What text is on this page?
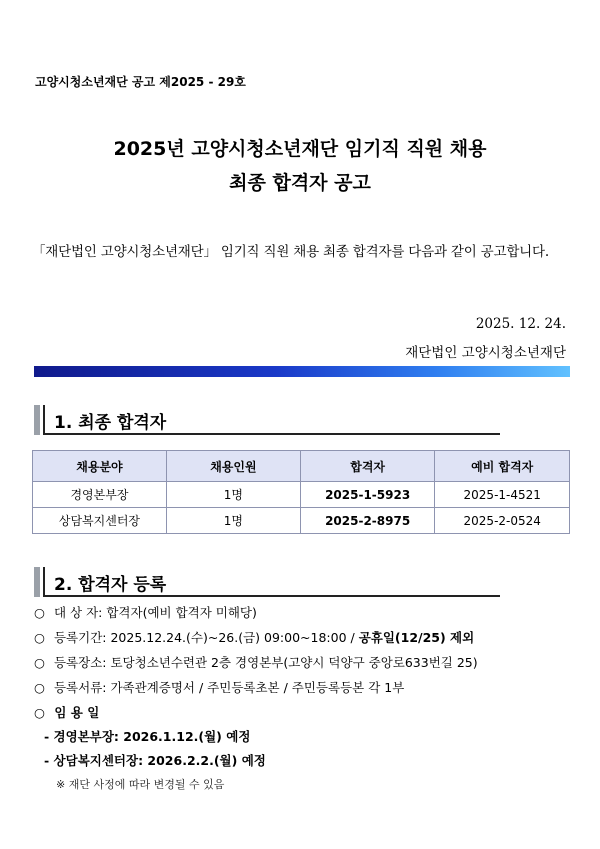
고양시청소년재단 공고 제2025 - 29호
2025년 고양시청소년재단 임기직 직원 채용
최종 합격자 공고
「재단법인 고양시청소년재단」 임기직 직원 채용 최종 합격자를 다음과 같이 공고합니다.
2025. 12. 24.
재단법인 고양시청소년재단
1. 최종 합격자
채용분야	채용인원	합격자	예비 합격자
경영본부장	1명	2025-1-5923	2025-1-4521
상담복지센터장	1명	2025-2-8975	2025-2-0524
2. 합격자 등록
○ 대 상 자: 합격자(예비 합격자 미해당)
○ 등록기간: 2025.12.24.(수)~26.(금) 09:00~18:00 / 공휴일(12/25) 제외
○ 등록장소: 토당청소년수련관 2층 경영본부(고양시 덕양구 중앙로633번길 25)
○ 등록서류: 가족관계증명서 / 주민등록초본 / 주민등록등본 각 1부
○ 임 용 일
- 경영본부장: 2026.1.12.(월) 예정
- 상담복지센터장: 2026.2.2.(월) 예정
※ 재단 사정에 따라 변경될 수 있음
